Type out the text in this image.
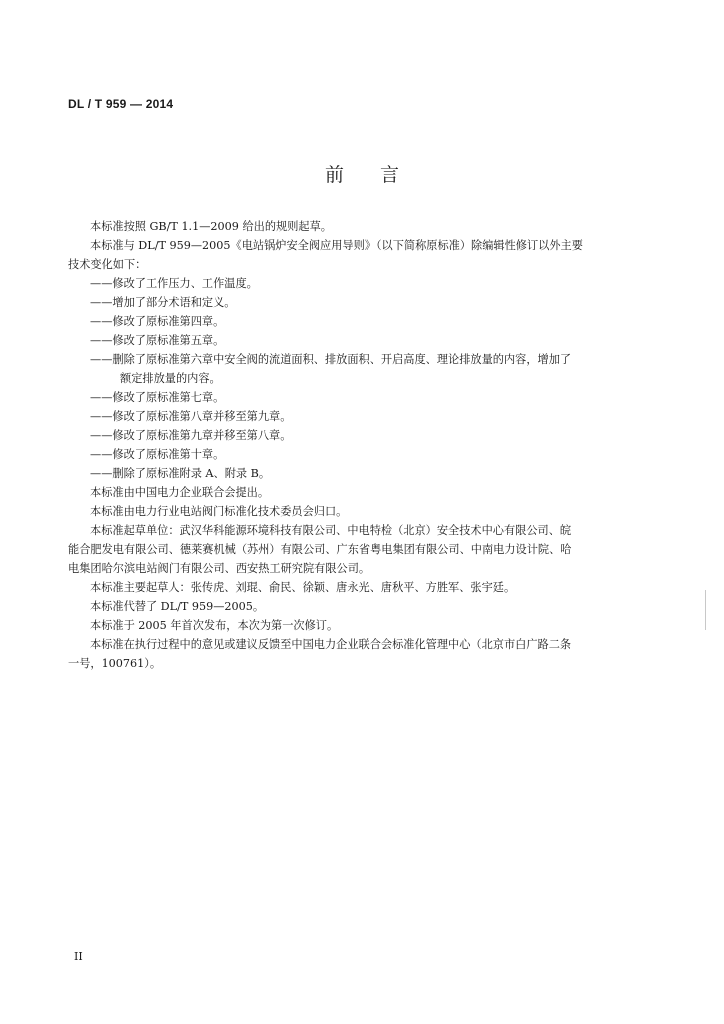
DL / T 959 — 2014
前言

本标准按照 GB/T 1.1—2009 给出的规则起草。

本标准与 DL/T 959—2005《电站锅炉安全阀应用导则》（以下简称原标准）除编辑性修订以外主要

技术变化如下：

——修改了工作压力、工作温度。

——增加了部分术语和定义。

——修改了原标准第四章。

——修改了原标准第五章。

——删除了原标准第六章中安全阀的流道面积、排放面积、开启高度、理论排放量的内容，增加了

额定排放量的内容。

——修改了原标准第七章。

——修改了原标准第八章并移至第九章。

——修改了原标准第九章并移至第八章。

——修改了原标准第十章。

——删除了原标准附录 A、附录 B。

本标准由中国电力企业联合会提出。

本标准由电力行业电站阀门标准化技术委员会归口。

本标准起草单位：武汉华科能源环境科技有限公司、中电特检（北京）安全技术中心有限公司、皖

能合肥发电有限公司、德莱赛机械（苏州）有限公司、广东省粤电集团有限公司、中南电力设计院、哈

电集团哈尔滨电站阀门有限公司、西安热工研究院有限公司。

本标准主要起草人：张传虎、刘琨、俞民、徐颖、唐永光、唐秋平、方胜军、张宇廷。

本标准代替了 DL/T 959—2005。

本标准于 2005 年首次发布，本次为第一次修订。

本标准在执行过程中的意见或建议反馈至中国电力企业联合会标准化管理中心（北京市白广路二条

一号，100761）。

II
